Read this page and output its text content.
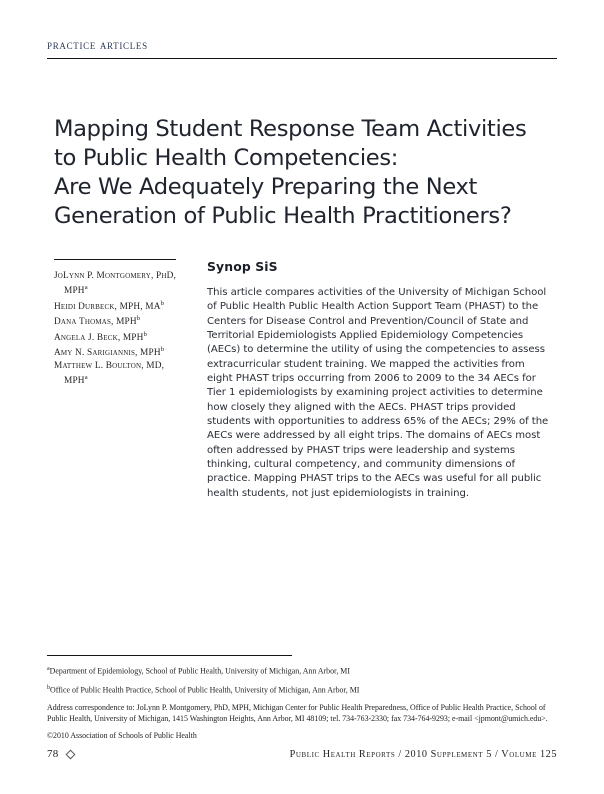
practice articles
Mapping Student Response Team Activities
to Public Health Competencies:
Are We Adequately Preparing the Next
Generation of Public Health Practitioners?
JoLynn P. Montgomery, PhD, MPH$^a$
Heidi Durbeck, MPH, $MA^b$
Dana Thomas, MPH$^b$
Angela J. Beck, MPH$^b$
Amy N. Sarigiannis, MPH$^b$
Matthew L. Boulton, MD, MPH$^a$
Synop SiS
This article compares activities of the University of Michigan School of Public Health Public Health Action Support Team (PHAST) to the Centers for Disease Control and Prevention/Council of State and Territorial Epidemiologists Applied Epidemiology Competencies (AECs) to determine the utility of using the competencies to assess extracurricular student training. We mapped the activities from eight PHAST trips occurring from 2006 to 2009 to the 34 AECs for Tier 1 epidemiologists by examining project activities to determine how closely they aligned with the AECs. PHAST trips provided students with opportunities to address 65% of the AECs; 29% of the AECs were addressed by all eight trips. The domains of AECs most often addressed by PHAST trips were leadership and systems thinking, cultural competency, and community dimensions of practice. Mapping PHAST trips to the AECs was useful for all public health students, not just epidemiologists in training.
$^a$Department of Epidemiology, School of Public Health, University of Michigan, Ann Arbor, MI
$^b$Office of Public Health Practice, School of Public Health, University of Michigan, Ann Arbor, MI
Address correspondence to: JoLynn P. Montgomery, PhD, MPH, Michigan Center for Public Health Preparedness, Office of Public Health Practice, School of Public Health, University of Michigan, 1415 Washington Heights, Ann Arbor, MI 48109; tel. 734-763-2330; fax 734-764-9293; e-mail <jpmont@umich.edu>.
©2010 Association of Schools of Public Health
78	Public Health Reports / 2010 Supplement 5 / Volume 125
